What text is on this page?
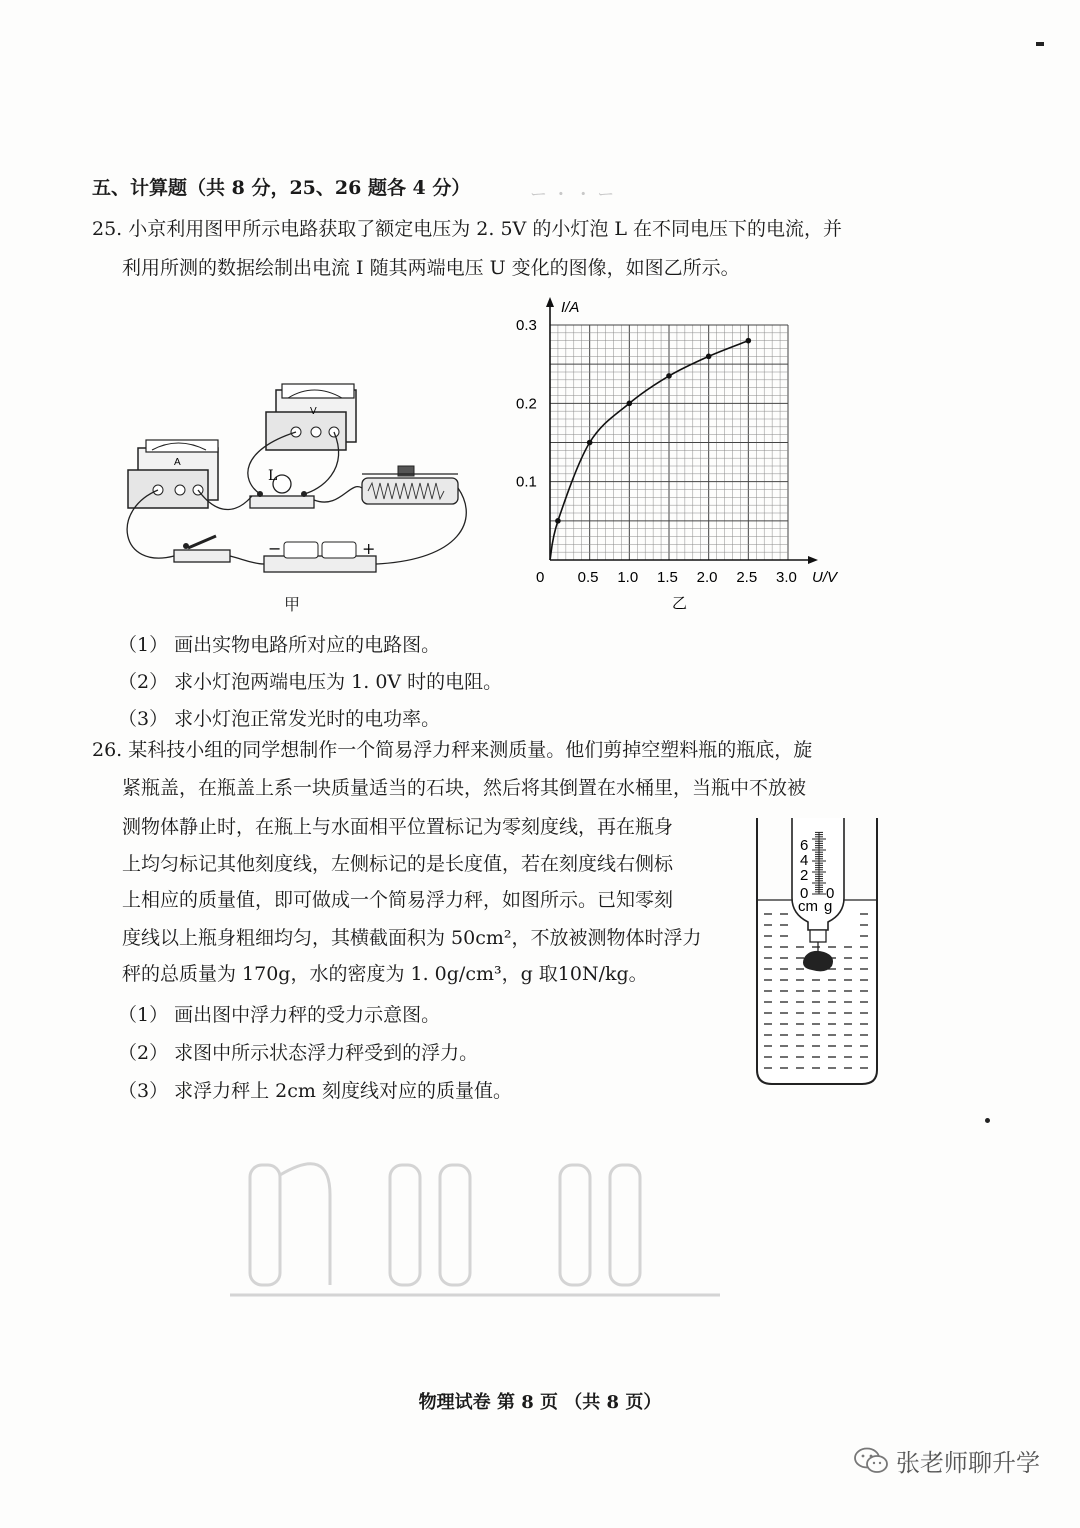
ー ・ ・ ー
五、计算题（共 8 分，25、26 题各 4 分）
25. 小京利用图甲所示电路获取了额定电压为 2. 5V 的小灯泡 L 在不同电压下的电流，并
利用所测的数据绘制出电流 I 随其两端电压 U 变化的图像，如图乙所示。
A
V
L
−	+
甲
0 0.5 1.0 1.5 2.0 2.5 3.0
0.1
0.2
0.3
I/A
U/V
乙
（1） 画出实物电路所对应的电路图。
（2） 求小灯泡两端电压为 1. 0V 时的电阻。
（3） 求小灯泡正常发光时的电功率。
26. 某科技小组的同学想制作一个简易浮力秤来测质量。他们剪掉空塑料瓶的瓶底，旋
紧瓶盖，在瓶盖上系一块质量适当的石块，然后将其倒置在水桶里，当瓶中不放被
测物体静止时，在瓶上与水面相平位置标记为零刻度线，再在瓶身
上均匀标记其他刻度线，左侧标记的是长度值，若在刻度线右侧标
上相应的质量值，即可做成一个简易浮力秤，如图所示。已知零刻
度线以上瓶身粗细均匀，其横截面积为 50cm²，不放被测物体时浮力
秤的总质量为 170g，水的密度为 1. 0g/cm³，g 取10N/kg。
（1） 画出图中浮力秤的受力示意图。
（2） 求图中所示状态浮力秤受到的浮力。
（3） 求浮力秤上 2cm 刻度线对应的质量值。
6
4
2
0 0
cm g
物理试卷 第 8 页 （共 8 页）
张老师聊升学
